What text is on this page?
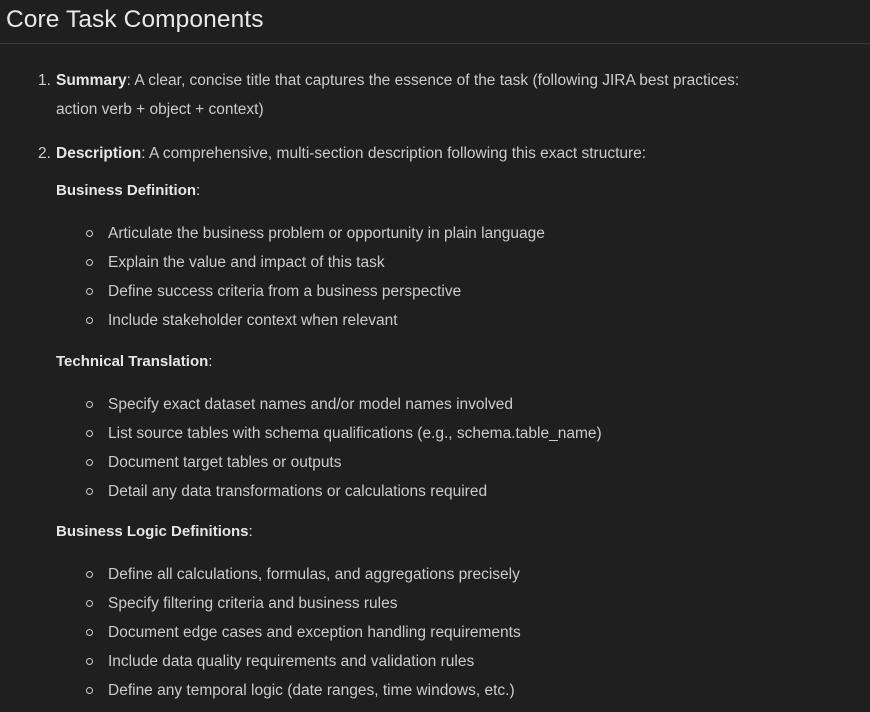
Core Task Components
1. Summary: A clear, concise title that captures the essence of the task (following JIRA best practices:
action verb + object + context)
2. Description: A comprehensive, multi-section description following this exact structure:
Business Definition:
Articulate the business problem or opportunity in plain language
Explain the value and impact of this task
Define success criteria from a business perspective
Include stakeholder context when relevant
Technical Translation:
Specify exact dataset names and/or model names involved
List source tables with schema qualifications (e.g., schema.table_name)
Document target tables or outputs
Detail any data transformations or calculations required
Business Logic Definitions:
Define all calculations, formulas, and aggregations precisely
Specify filtering criteria and business rules
Document edge cases and exception handling requirements
Include data quality requirements and validation rules
Define any temporal logic (date ranges, time windows, etc.)
